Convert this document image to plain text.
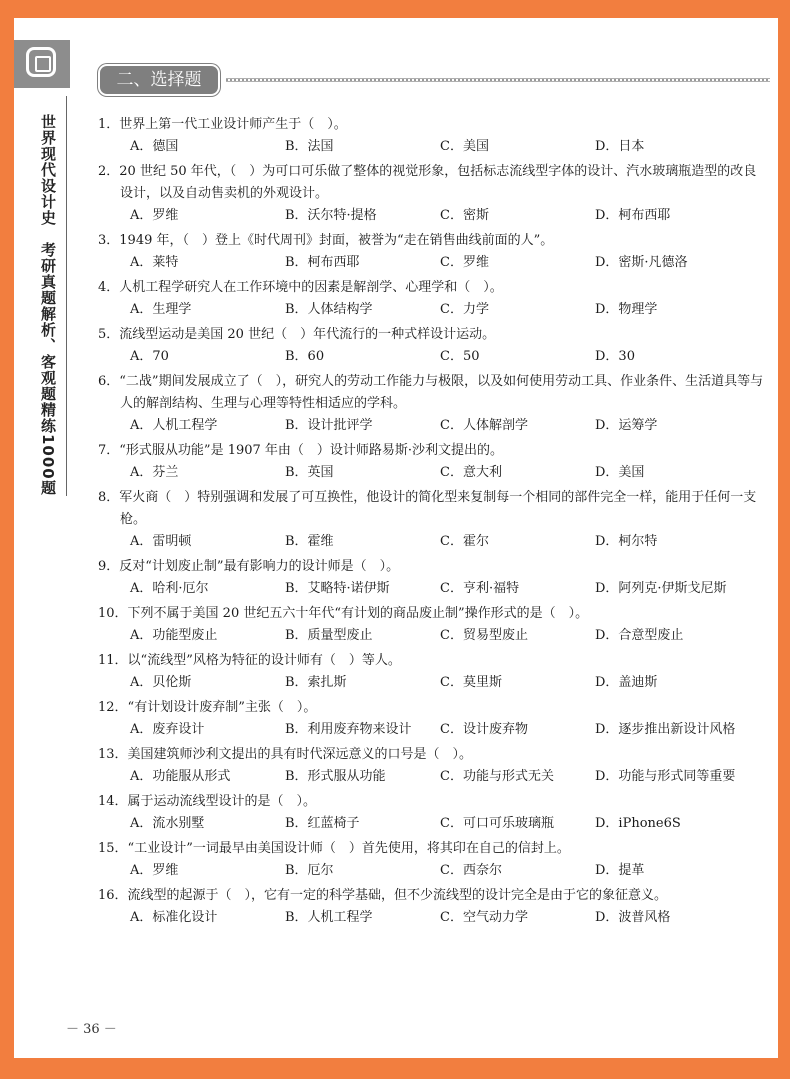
二、选择题
世界现代设计史　考研真题解析、客观题精练1000题	1．世界上第一代工业设计师产生于（　）。
A．德国	B．法国	C．美国	D．日本
2．20 世纪 50 年代，（　）为可口可乐做了整体的视觉形象，包括标志流线型字体的设计、汽水玻璃瓶造型的改良设计，以及自动售卖机的外观设计。
A．罗维	B．沃尔特·提格	C．密斯	D．柯布西耶
3．1949 年，（　）登上《时代周刊》封面，被誉为“走在销售曲线前面的人”。
A．莱特	B．柯布西耶	C．罗维	D．密斯·凡德洛
4．人机工程学研究人在工作环境中的因素是解剖学、心理学和（　）。
A．生理学	B．人体结构学	C．力学	D．物理学
5．流线型运动是美国 20 世纪（　）年代流行的一种式样设计运动。
A．70	B．60	C．50	D．30
6．“二战”期间发展成立了（　），研究人的劳动工作能力与极限，以及如何使用劳动工具、作业条件、生活道具等与人的解剖结构、生理与心理等特性相适应的学科。
A．人机工程学	B．设计批评学	C．人体解剖学	D．运筹学
7．“形式服从功能”是 1907 年由（　）设计师路易斯·沙利文提出的。
A．芬兰	B．英国	C．意大利	D．美国
8．军火商（　）特别强调和发展了可互换性，他设计的简化型来复制每一个相同的部件完全一样，能用于任何一支枪。
A．雷明顿	B．霍维	C．霍尔	D．柯尔特
9．反对“计划废止制”最有影响力的设计师是（　）。
A．哈利·厄尔	B．艾略特·诺伊斯	C．亨利·福特	D．阿列克·伊斯戈尼斯
10．下列不属于美国 20 世纪五六十年代“有计划的商品废止制”操作形式的是（　）。
A．功能型废止	B．质量型废止	C．贸易型废止	D．合意型废止
11．以“流线型”风格为特征的设计师有（　）等人。
A．贝伦斯	B．索扎斯	C．莫里斯	D．盖迪斯
12．“有计划设计废弃制”主张（　）。
A．废弃设计	B．利用废弃物来设计	C．设计废弃物	D．逐步推出新设计风格
13．美国建筑师沙利文提出的具有时代深远意义的口号是（　）。
A．功能服从形式	B．形式服从功能	C．功能与形式无关	D．功能与形式同等重要
14．属于运动流线型设计的是（　）。
A．流水别墅	B．红蓝椅子	C．可口可乐玻璃瓶	D．iPhone6S
15．“工业设计”一词最早由美国设计师（　）首先使用，将其印在自己的信封上。
A．罗维	B．厄尔	C．西奈尔	D．提革
16．流线型的起源于（　），它有一定的科学基础，但不少流线型的设计完全是由于它的象征意义。
A．标准化设计	B．人机工程学	C．空气动力学	D．波普风格
－ 36 －
